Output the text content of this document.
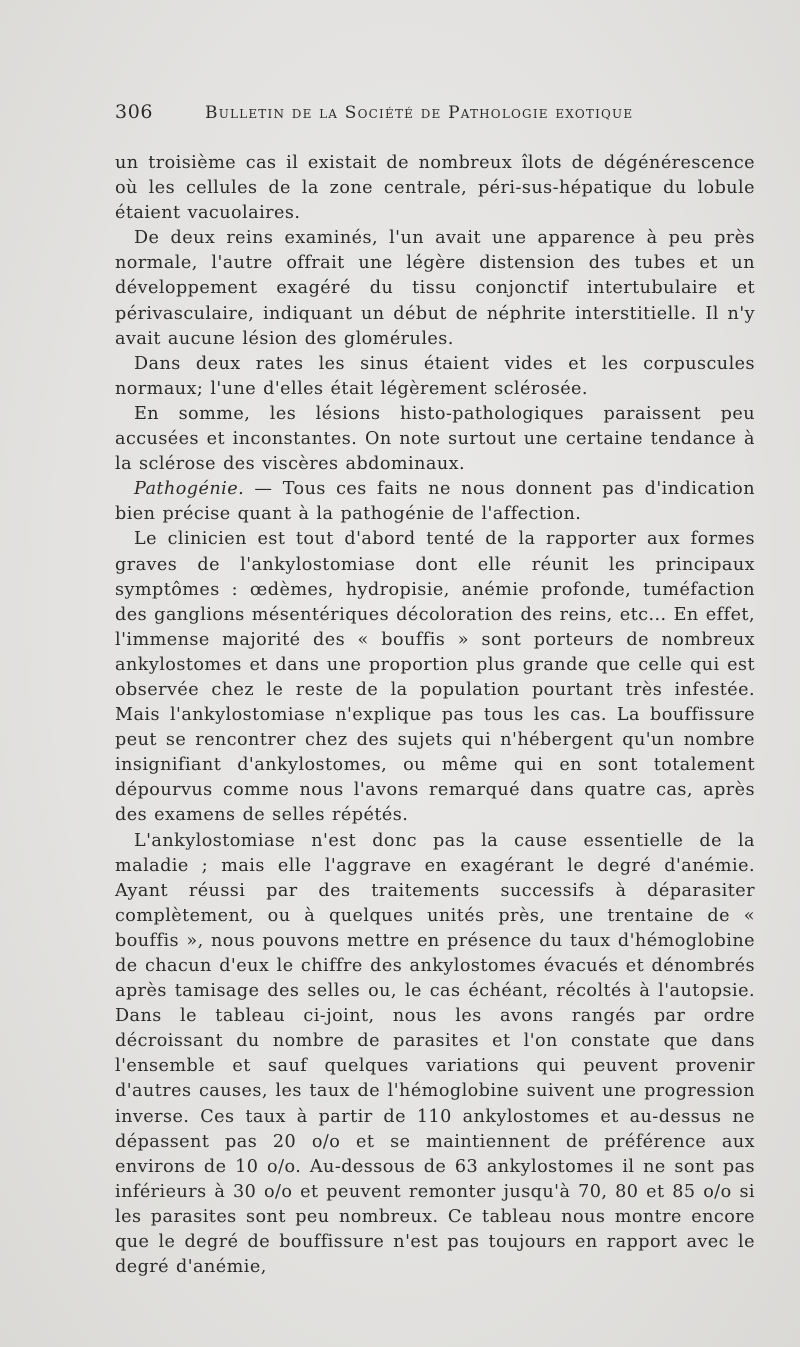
306	Bulletin de la Société de Pathologie exotique

un troisième cas il existait de nombreux îlots de dégénérescence où les cellules de la zone centrale, péri-sus-hépatique du lobule étaient vacuolaires.

De deux reins examinés, l'un avait une apparence à peu près normale, l'autre offrait une légère distension des tubes et un développement exagéré du tissu conjonctif intertubulaire et périvasculaire, indiquant un début de néphrite interstitielle. Il n'y avait aucune lésion des glomérules.

Dans deux rates les sinus étaient vides et les corpuscules normaux; l'une d'elles était légèrement sclérosée.

En somme, les lésions histo-pathologiques paraissent peu accusées et inconstantes. On note surtout une certaine tendance à la sclérose des viscères abdominaux.

Pathogénie. — Tous ces faits ne nous donnent pas d'indication bien précise quant à la pathogénie de l'affection.

Le clinicien est tout d'abord tenté de la rapporter aux formes graves de l'ankylostomiase dont elle réunit les principaux symptômes : œdèmes, hydropisie, anémie profonde, tuméfaction des ganglions mésentériques décoloration des reins, etc... En effet, l'immense majorité des « bouffis » sont porteurs de nombreux ankylostomes et dans une proportion plus grande que celle qui est observée chez le reste de la population pourtant très infestée. Mais l'ankylostomiase n'explique pas tous les cas. La bouffissure peut se rencontrer chez des sujets qui n'hébergent qu'un nombre insignifiant d'ankylostomes, ou même qui en sont totalement dépourvus comme nous l'avons remarqué dans quatre cas, après des examens de selles répétés.

L'ankylostomiase n'est donc pas la cause essentielle de la maladie ; mais elle l'aggrave en exagérant le degré d'anémie. Ayant réussi par des traitements successifs à déparasiter complètement, ou à quelques unités près, une trentaine de « bouffis », nous pouvons mettre en présence du taux d'hémoglobine de chacun d'eux le chiffre des ankylostomes évacués et dénombrés après tamisage des selles ou, le cas échéant, récoltés à l'autopsie. Dans le tableau ci-joint, nous les avons rangés par ordre décroissant du nombre de parasites et l'on constate que dans l'ensemble et sauf quelques variations qui peuvent provenir d'autres causes, les taux de l'hémoglobine suivent une progression inverse. Ces taux à partir de 110 ankylostomes et au-dessus ne dépassent pas 20 o/o et se maintiennent de préférence aux environs de 10 o/o. Au-dessous de 63 ankylostomes il ne sont pas inférieurs à 30 o/o et peuvent remonter jusqu'à 70, 80 et 85 o/o si les parasites sont peu nombreux. Ce tableau nous montre encore que le degré de bouffissure n'est pas toujours en rapport avec le degré d'anémie,
